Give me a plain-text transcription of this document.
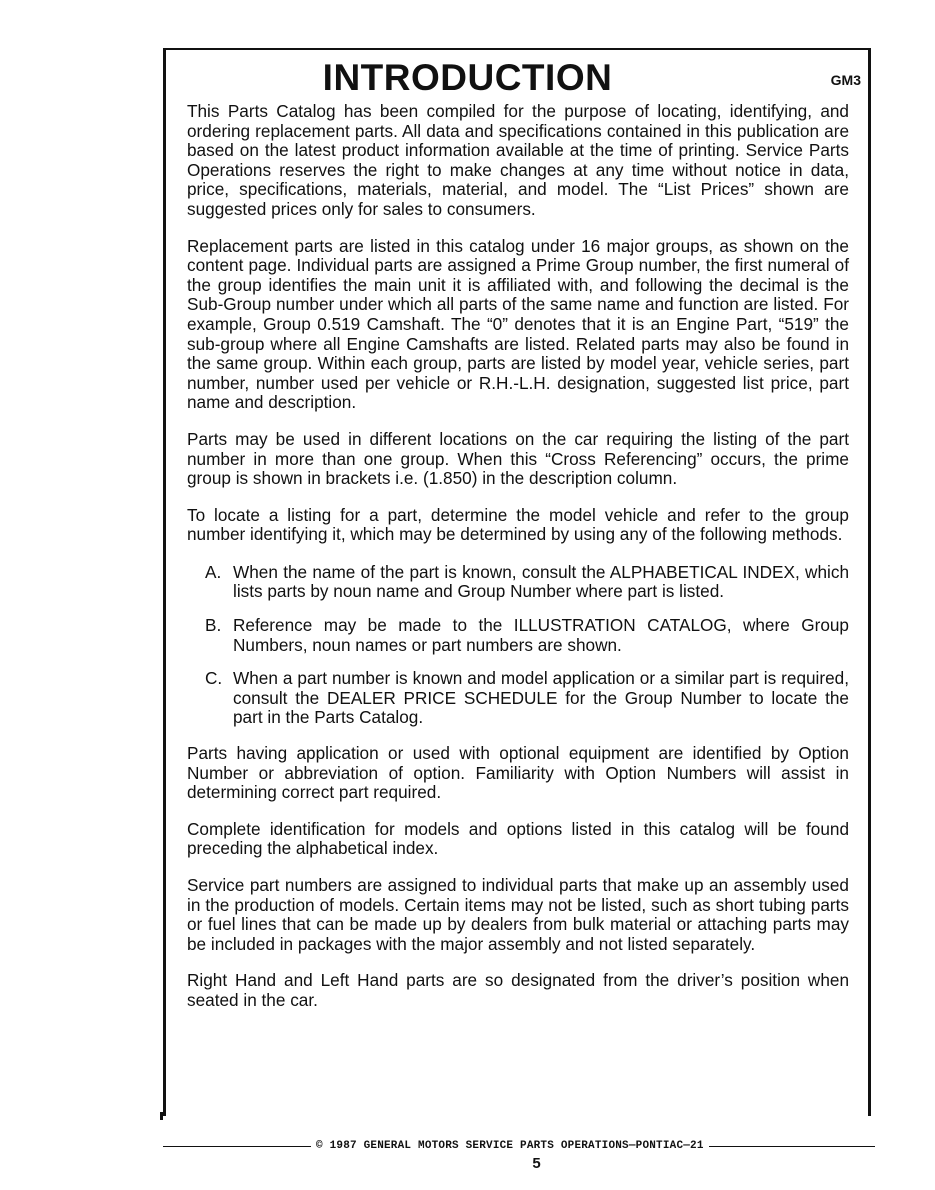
INTRODUCTION	GM3

This Parts Catalog has been compiled for the purpose of locating, identifying, and ordering replacement parts. All data and specifications contained in this publication are based on the latest product information available at the time of printing. Service Parts Operations reserves the right to make changes at any time without notice in data, price, specifications, materials, material, and model. The “List Prices” shown are suggested prices only for sales to consumers.

Replacement parts are listed in this catalog under 16 major groups, as shown on the content page. Individual parts are assigned a Prime Group number, the first numeral of the group identifies the main unit it is affiliated with, and following the decimal is the Sub-Group number under which all parts of the same name and function are listed. For example, Group 0.519 Camshaft. The “0” denotes that it is an Engine Part, “519” the sub-group where all Engine Camshafts are listed. Related parts may also be found in the same group. Within each group, parts are listed by model year, vehicle series, part number, number used per vehicle or R.H.-L.H. designation, suggested list price, part name and description.

Parts may be used in different locations on the car requiring the listing of the part number in more than one group. When this “Cross Referencing” occurs, the prime group is shown in brackets i.e. (1.850) in the description column.

To locate a listing for a part, determine the model vehicle and refer to the group number identifying it, which may be determined by using any of the following methods.

A. When the name of the part is known, consult the ALPHABETICAL INDEX, which lists parts by noun name and Group Number where part is listed.
B. Reference may be made to the ILLUSTRATION CATALOG, where Group Numbers, noun names or part numbers are shown.
C. When a part number is known and model application or a similar part is required, consult the DEALER PRICE SCHEDULE for the Group Number to locate the part in the Parts Catalog.

Parts having application or used with optional equipment are identified by Option Number or abbreviation of option. Familiarity with Option Numbers will assist in determining correct part required.

Complete identification for models and options listed in this catalog will be found preceding the alphabetical index.

Service part numbers are assigned to individual parts that make up an assembly used in the production of models. Certain items may not be listed, such as short tubing parts or fuel lines that can be made up by dealers from bulk material or attaching parts may be included in packages with the major assembly and not listed separately.

Right Hand and Left Hand parts are so designated from the driver’s position when seated in the car.

© 1987 GENERAL MOTORS SERVICE PARTS OPERATIONS—PONTIAC—21
5
